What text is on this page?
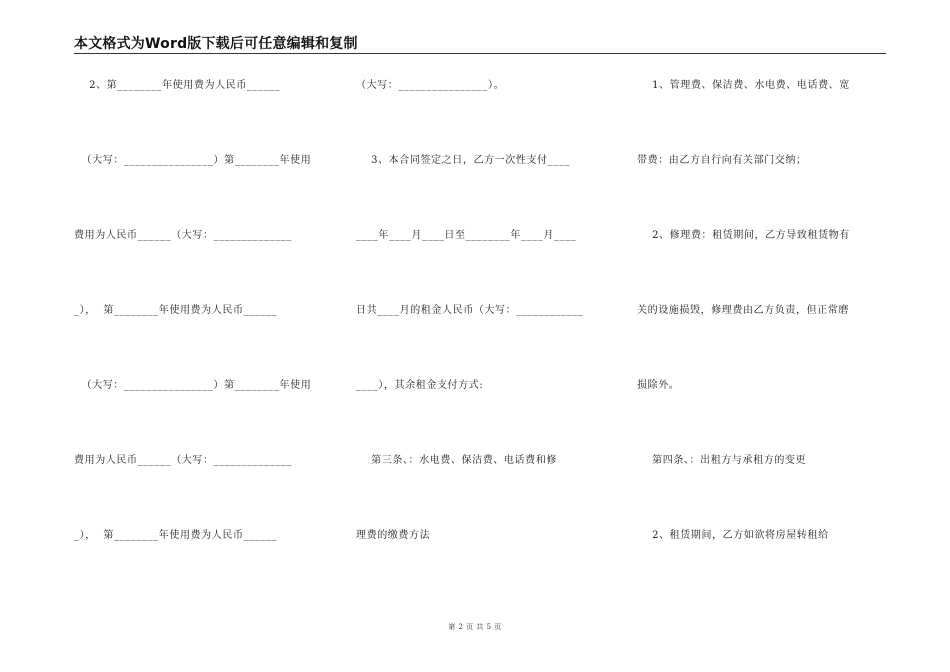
本文格式为Word版下载后可任意编辑和复制
2、第________年使用费为人民币______
（大写：________________）第________年使用
费用为人民币______（大写：______________
_），  第________年使用费为人民币______
（大写：________________）第________年使用
费用为人民币______（大写：______________
_），  第________年使用费为人民币______
（大写：________________）。
3、本合同签定之日，乙方一次性支付____
____年____月____日至________年____月____
日共____月的租金人民币（大写：____________
____），其余租金支付方式:
第三条、：水电费、保洁费、电话费和修
理费的缴费方法
1、管理费、保洁费、水电费、电话费、宽
带费：由乙方自行向有关部门交纳；
2、修理费：租赁期间，乙方导致租赁物有
关的设施损毁，修理费由乙方负责，但正常磨
损除外。
第四条、：出租方与承租方的变更
2、租赁期间，乙方如欲将房屋转租给
第 2 页 共 5 页
